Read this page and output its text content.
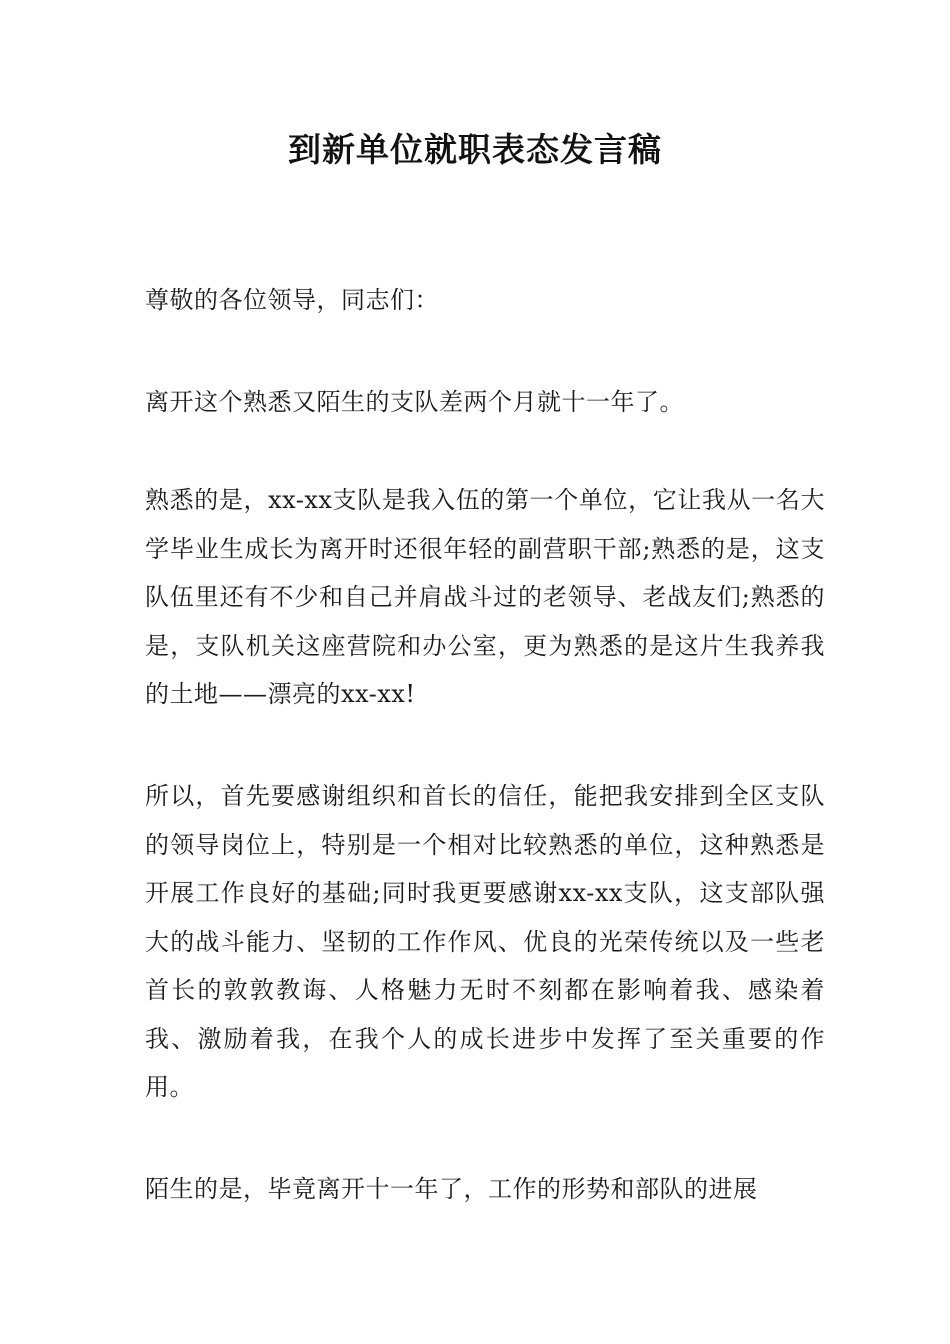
到新单位就职表态发言稿
尊敬的各位领导，同志们：
离开这个熟悉又陌生的支队差两个月就十一年了。
熟悉的是，xx-xx支队是我入伍的第一个单位，它让我从一名大学毕业生成长为离开时还很年轻的副营职干部;熟悉的是，这支队伍里还有不少和自己并肩战斗过的老领导、老战友们;熟悉的是，支队机关这座营院和办公室，更为熟悉的是这片生我养我的土地——漂亮的xx-xx!
所以，首先要感谢组织和首长的信任，能把我安排到全区支队的领导岗位上，特别是一个相对比较熟悉的单位，这种熟悉是开展工作良好的基础;同时我更要感谢xx-xx支队，这支部队强大的战斗能力、坚韧的工作作风、优良的光荣传统以及一些老首长的敦敦教诲、人格魅力无时不刻都在影响着我、感染着我、激励着我，在我个人的成长进步中发挥了至关重要的作用。
陌生的是，毕竟离开十一年了，工作的形势和部队的进展
